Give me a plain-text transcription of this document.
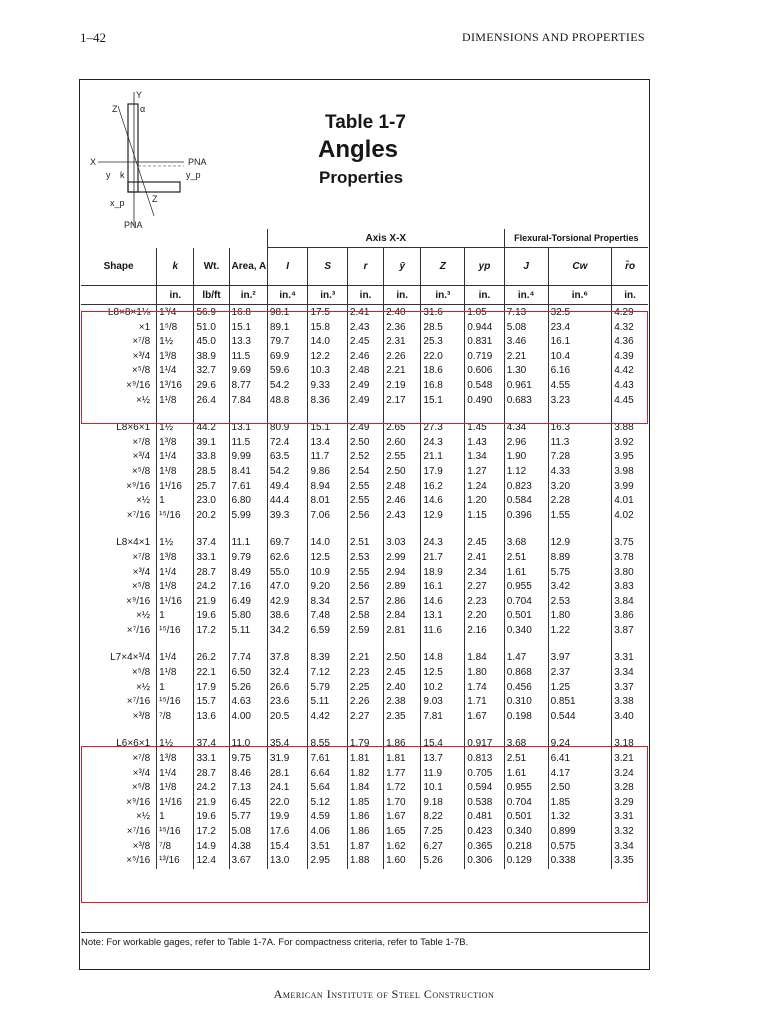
1–42	DIMENSIONS AND PROPERTIES
Y
Z	α
X	PNA
y k	y_p
x_p	Z
PNA
Table 1-7
Angles
Properties
				Axis X-X						Flexural-Torsional Properties		
Shape	k	Wt.	Area, A	I	S	r	ȳ	Z	yp	J	Cw	r̄o
	in.	lb/ft	in.²	in.⁴	in.³	in.	in.	in.³	in.	in.⁴	in.⁶	in.
L8×8×1⅛	1³/4	56.9	16.8	98.1	17.5	2.41	2.40	31.6	1.05	7.13	32.5	4.29
×1	1⁵/8	51.0	15.1	89.1	15.8	2.43	2.36	28.5	0.944	5.08	23.4	4.32
×⁷/8	1½	45.0	13.3	79.7	14.0	2.45	2.31	25.3	0.831	3.46	16.1	4.36
×³/4	1³/8	38.9	11.5	69.9	12.2	2.46	2.26	22.0	0.719	2.21	10.4	4.39
×⁵/8	1¹/4	32.7	9.69	59.6	10.3	2.48	2.21	18.6	0.606	1.30	6.16	4.42
×⁹/16	1³/16	29.6	8.77	54.2	9.33	2.49	2.19	16.8	0.548	0.961	4.55	4.43
×½	1¹/8	26.4	7.84	48.8	8.36	2.49	2.17	15.1	0.490	0.683	3.23	4.45

L8×6×1	1½	44.2	13.1	80.9	15.1	2.49	2.65	27.3	1.45	4.34	16.3	3.88
×⁷/8	1³/8	39.1	11.5	72.4	13.4	2.50	2.60	24.3	1.43	2.96	11.3	3.92
×³/4	1¹/4	33.8	9.99	63.5	11.7	2.52	2.55	21.1	1.34	1.90	7.28	3.95
×⁵/8	1¹/8	28.5	8.41	54.2	9.86	2.54	2.50	17.9	1.27	1.12	4.33	3.98
×⁹/16	1¹/16	25.7	7.61	49.4	8.94	2.55	2.48	16.2	1.24	0.823	3.20	3.99
×½	1	23.0	6.80	44.4	8.01	2.55	2.46	14.6	1.20	0.584	2.28	4.01
×⁷/16	¹⁵/16	20.2	5.99	39.3	7.06	2.56	2.43	12.9	1.15	0.396	1.55	4.02

L8×4×1	1½	37.4	11.1	69.7	14.0	2.51	3.03	24.3	2.45	3.68	12.9	3.75
×⁷/8	1³/8	33.1	9.79	62.6	12.5	2.53	2.99	21.7	2.41	2.51	8.89	3.78
×³/4	1¹/4	28.7	8.49	55.0	10.9	2.55	2.94	18.9	2.34	1.61	5.75	3.80
×⁵/8	1¹/8	24.2	7.16	47.0	9.20	2.56	2.89	16.1	2.27	0.955	3.42	3.83
×⁹/16	1¹/16	21.9	6.49	42.9	8.34	2.57	2.86	14.6	2.23	0.704	2.53	3.84
×½	1	19.6	5.80	38.6	7.48	2.58	2.84	13.1	2.20	0.501	1.80	3.86
×⁷/16	¹⁵/16	17.2	5.11	34.2	6.59	2.59	2.81	11.6	2.16	0.340	1.22	3.87

L7×4×³/4	1¹/4	26.2	7.74	37.8	8.39	2.21	2.50	14.8	1.84	1.47	3.97	3.31
×⁵/8	1¹/8	22.1	6.50	32.4	7.12	2.23	2.45	12.5	1.80	0.868	2.37	3.34
×½	1	17.9	5.26	26.6	5.79	2.25	2.40	10.2	1.74	0.456	1.25	3.37
×⁷/16	¹⁵/16	15.7	4.63	23.6	5.11	2.26	2.38	9.03	1.71	0.310	0.851	3.38
×³/8	⁷/8	13.6	4.00	20.5	4.42	2.27	2.35	7.81	1.67	0.198	0.544	3.40

L6×6×1	1½	37.4	11.0	35.4	8.55	1.79	1.86	15.4	0.917	3.68	9.24	3.18
×⁷/8	1³/8	33.1	9.75	31.9	7.61	1.81	1.81	13.7	0.813	2.51	6.41	3.21
×³/4	1¹/4	28.7	8.46	28.1	6.64	1.82	1.77	11.9	0.705	1.61	4.17	3.24
×⁵/8	1¹/8	24.2	7.13	24.1	5.64	1.84	1.72	10.1	0.594	0.955	2.50	3.28
×⁹/16	1¹/16	21.9	6.45	22.0	5.12	1.85	1.70	9.18	0.538	0.704	1.85	3.29
×½	1	19.6	5.77	19.9	4.59	1.86	1.67	8.22	0.481	0.501	1.32	3.31
×⁷/16	¹⁵/16	17.2	5.08	17.6	4.06	1.86	1.65	7.25	0.423	0.340	0.899	3.32
×³/8	⁷/8	14.9	4.38	15.4	3.51	1.87	1.62	6.27	0.365	0.218	0.575	3.34
×⁵/16	¹³/16	12.4	3.67	13.0	2.95	1.88	1.60	5.26	0.306	0.129	0.338	3.35
Note: For workable gages, refer to Table 1-7A. For compactness criteria, refer to Table 1-7B.
American Institute of Steel Construction
